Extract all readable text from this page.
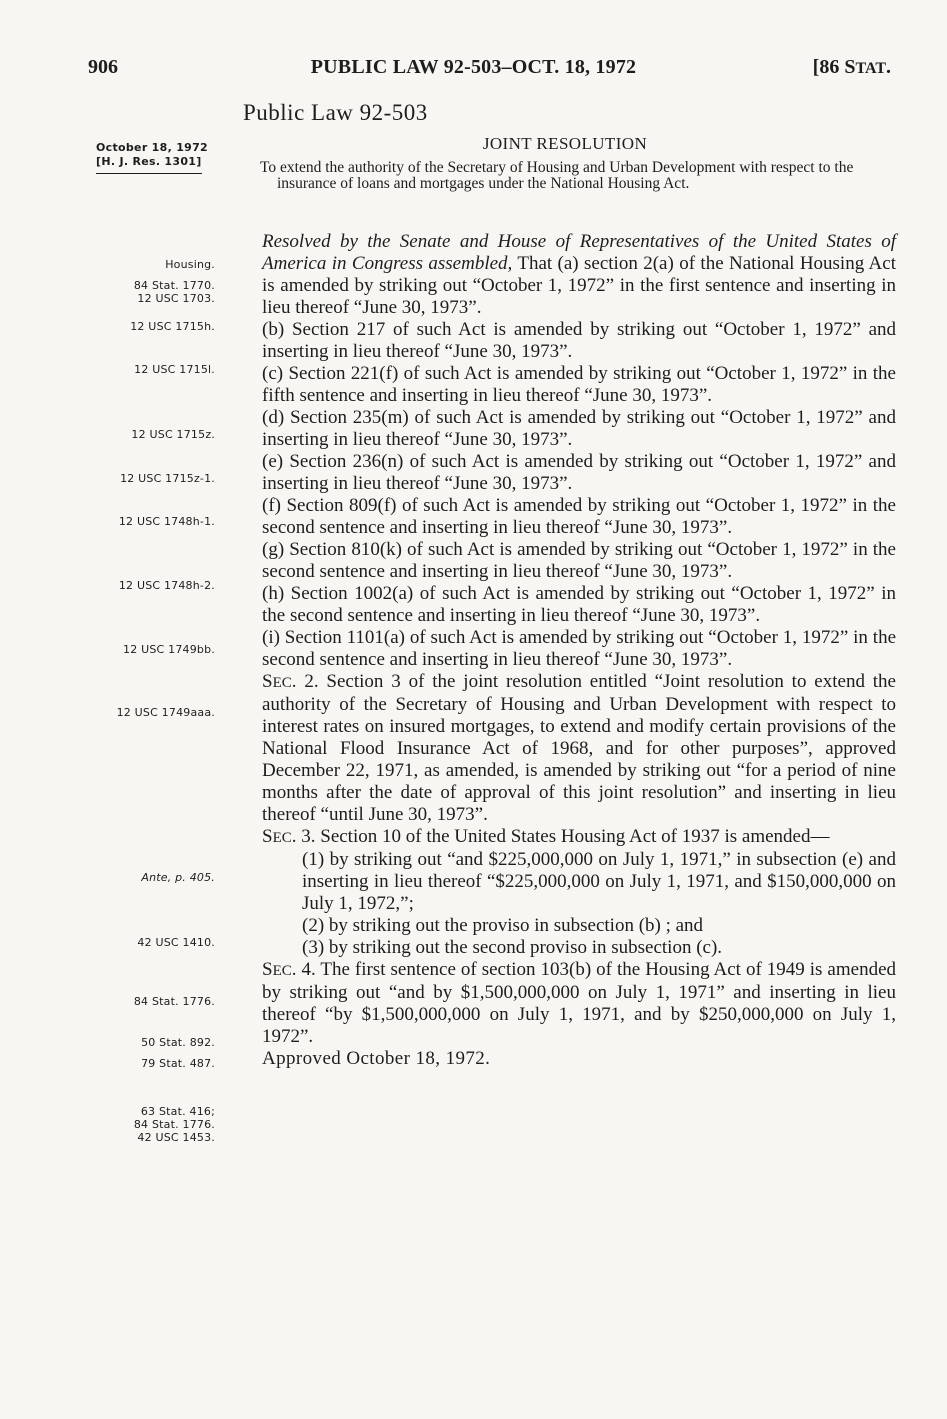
PUBLIC LAW 92-503–OCT. 18, 1972
906	[86 STAT.
Public Law 92-503
October 18, 1972
[H. J. Res. 1301]
JOINT RESOLUTION
To extend the authority of the Secretary of Housing and Urban Development with respect to the insurance of loans and mortgages under the National Housing Act.
Housing.
84 Stat. 1770.
12 USC 1703.
12 USC 1715h.
12 USC 1715l.
12 USC 1715z.
12 USC 1715z-1.
12 USC 1748h-1.
12 USC 1748h-2.
12 USC 1749bb.
12 USC 1749aaa.
Ante, p. 405.
42 USC 1410.
84 Stat. 1776.
50 Stat. 892.
79 Stat. 487.
63 Stat. 416;
84 Stat. 1776.
42 USC 1453.

Resolved by the Senate and House of Representatives of the United States of America in Congress assembled, That (a) section 2(a) of the National Housing Act is amended by striking out “October 1, 1972” in the first sentence and inserting in lieu thereof “June 30, 1973”.

(b) Section 217 of such Act is amended by striking out “October 1, 1972” and inserting in lieu thereof “June 30, 1973”.

(c) Section 221(f) of such Act is amended by striking out “October 1, 1972” in the fifth sentence and inserting in lieu thereof “June 30, 1973”.

(d) Section 235(m) of such Act is amended by striking out “October 1, 1972” and inserting in lieu thereof “June 30, 1973”.

(e) Section 236(n) of such Act is amended by striking out “October 1, 1972” and inserting in lieu thereof “June 30, 1973”.

(f) Section 809(f) of such Act is amended by striking out “October 1, 1972” in the second sentence and inserting in lieu thereof “June 30, 1973”.

(g) Section 810(k) of such Act is amended by striking out “October 1, 1972” in the second sentence and inserting in lieu thereof “June 30, 1973”.

(h) Section 1002(a) of such Act is amended by striking out “October 1, 1972” in the second sentence and inserting in lieu thereof “June 30, 1973”.

(i) Section 1101(a) of such Act is amended by striking out “October 1, 1972” in the second sentence and inserting in lieu thereof “June 30, 1973”.

SEC. 2. Section 3 of the joint resolution entitled “Joint resolution to extend the authority of the Secretary of Housing and Urban Development with respect to interest rates on insured mortgages, to extend and modify certain provisions of the National Flood Insurance Act of 1968, and for other purposes”, approved December 22, 1971, as amended, is amended by striking out “for a period of nine months after the date of approval of this joint resolution” and inserting in lieu thereof “until June 30, 1973”.

SEC. 3. Section 10 of the United States Housing Act of 1937 is amended—

(1) by striking out “and $225,000,000 on July 1, 1971,” in subsection (e) and inserting in lieu thereof “$225,000,000 on July 1, 1971, and $150,000,000 on July 1, 1972,”;

(2) by striking out the proviso in subsection (b) ; and

(3) by striking out the second proviso in subsection (c).

SEC. 4. The first sentence of section 103(b) of the Housing Act of 1949 is amended by striking out “and by $1,500,000,000 on July 1, 1971” and inserting in lieu thereof “by $1,500,000,000 on July 1, 1971, and by $250,000,000 on July 1, 1972”.

Approved October 18, 1972.
